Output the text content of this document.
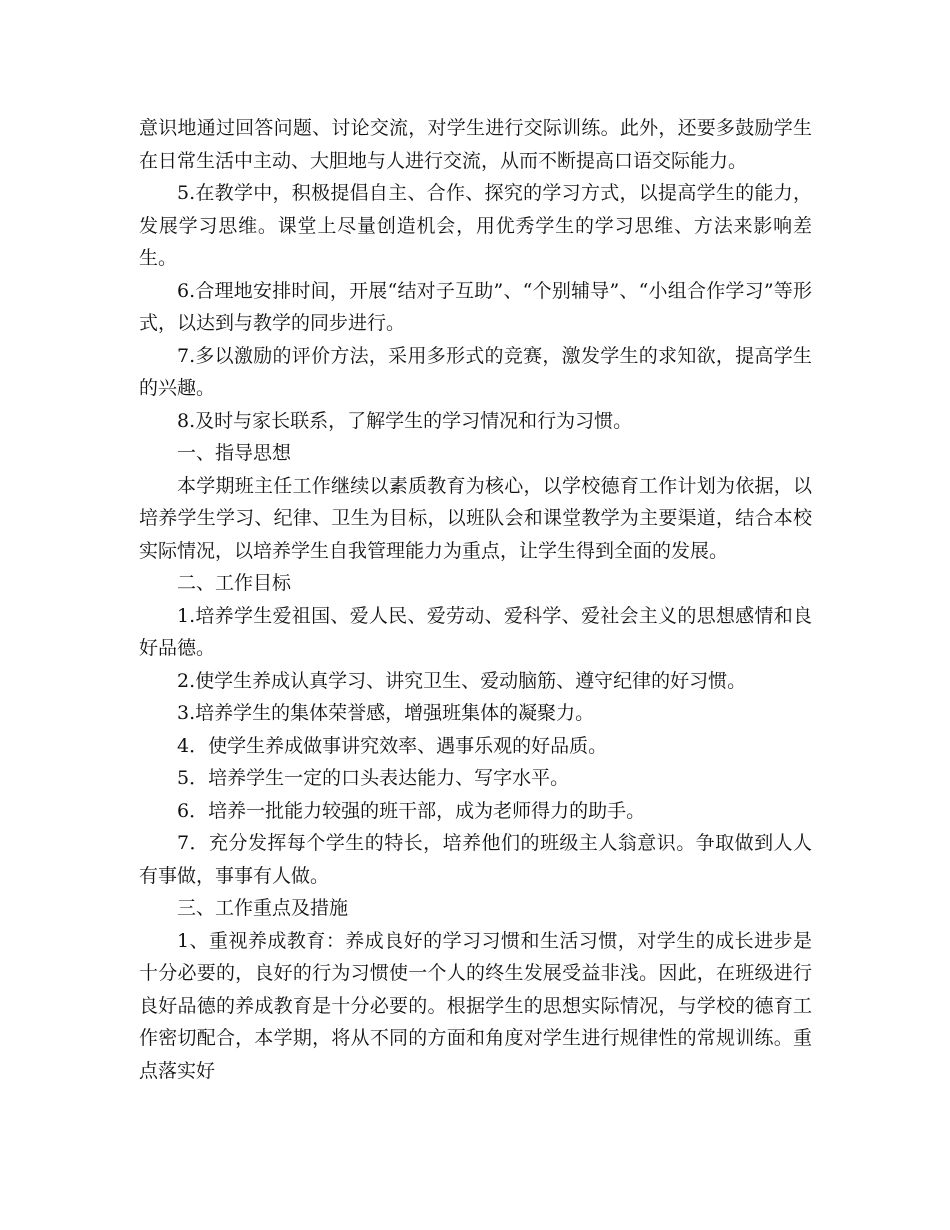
意识地通过回答问题、讨论交流，对学生进行交际训练。此外，还要多鼓励学生在日常生活中主动、大胆地与人进行交流，从而不断提高口语交际能力。

5.在教学中，积极提倡自主、合作、探究的学习方式，以提高学生的能力，发展学习思维。课堂上尽量创造机会，用优秀学生的学习思维、方法来影响差生。

6.合理地安排时间，开展“结对子互助”、“个别辅导”、“小组合作学习”等形式，以达到与教学的同步进行。

7.多以激励的评价方法，采用多形式的竞赛，激发学生的求知欲，提高学生的兴趣。

8.及时与家长联系，了解学生的学习情况和行为习惯。

一、指导思想

本学期班主任工作继续以素质教育为核心，以学校德育工作计划为依据，以培养学生学习、纪律、卫生为目标，以班队会和课堂教学为主要渠道，结合本校实际情况，以培养学生自我管理能力为重点，让学生得到全面的发展。

二、工作目标

1.培养学生爱祖国、爱人民、爱劳动、爱科学、爱社会主义的思想感情和良好品德。

2.使学生养成认真学习、讲究卫生、爱动脑筋、遵守纪律的好习惯。

3.培养学生的集体荣誉感，增强班集体的凝聚力。

4．使学生养成做事讲究效率、遇事乐观的好品质。

5．培养学生一定的口头表达能力、写字水平。

6．培养一批能力较强的班干部，成为老师得力的助手。

7．充分发挥每个学生的特长，培养他们的班级主人翁意识。争取做到人人有事做，事事有人做。

三、工作重点及措施

1、重视养成教育：养成良好的学习习惯和生活习惯，对学生的成长进步是十分必要的，良好的行为习惯使一个人的终生发展受益非浅。因此，在班级进行良好品德的养成教育是十分必要的。根据学生的思想实际情况，与学校的德育工作密切配合，本学期，将从不同的方面和角度对学生进行规律性的常规训练。重点落实好
